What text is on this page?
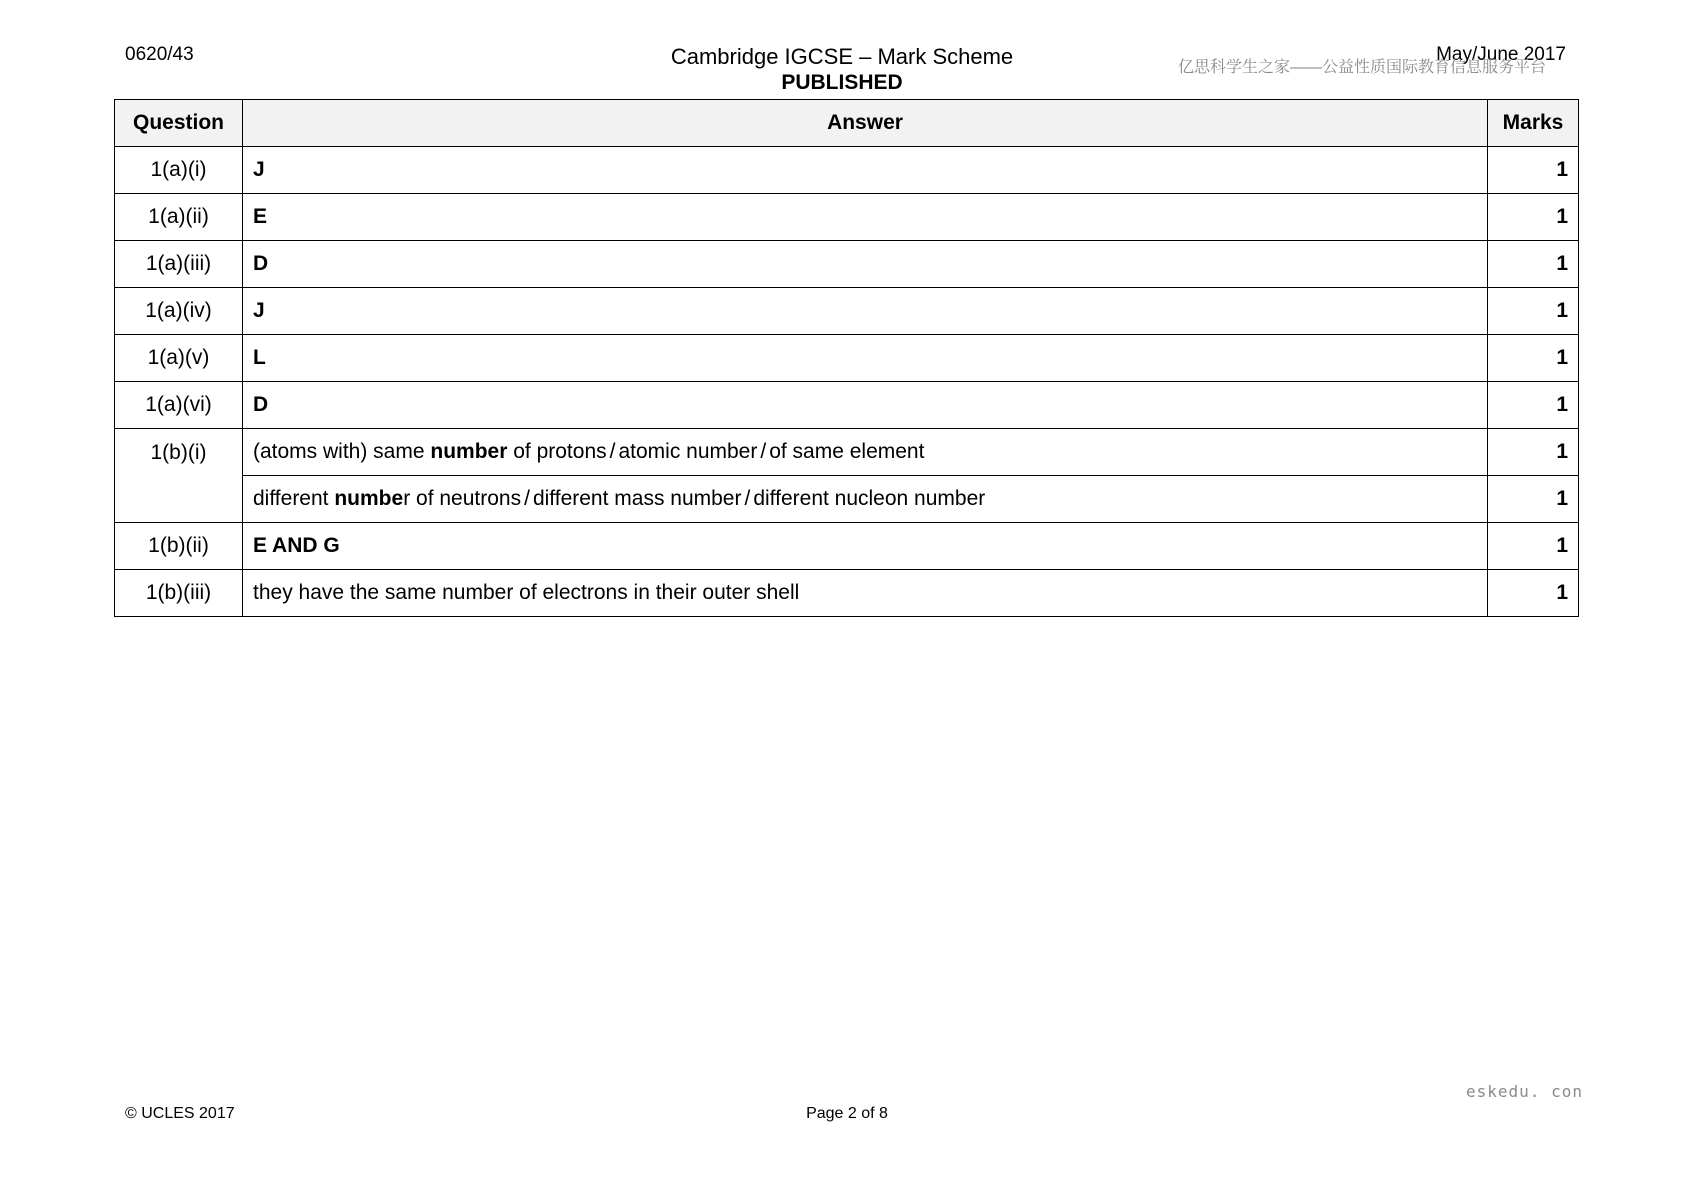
0620/43	Cambridge IGCSE – Mark Scheme
PUBLISHED
May/June 2017
亿思科学生之家——公益性质国际教育信息服务平台
Question	Answer	Marks
1(a)(i)	J	1
1(a)(ii)	E	1
1(a)(iii)	D	1
1(a)(iv)	J	1
1(a)(v)	L	1
1(a)(vi)	D	1
1(b)(i)	(atoms with) same number of protons / atomic number / of same element	1
	different number of neutrons / different mass number / different nucleon number	1
1(b)(ii)	E AND G	1
1(b)(iii)	they have the same number of electrons in their outer shell	1
eskedu. con
© UCLES 2017	Page 2 of 8
